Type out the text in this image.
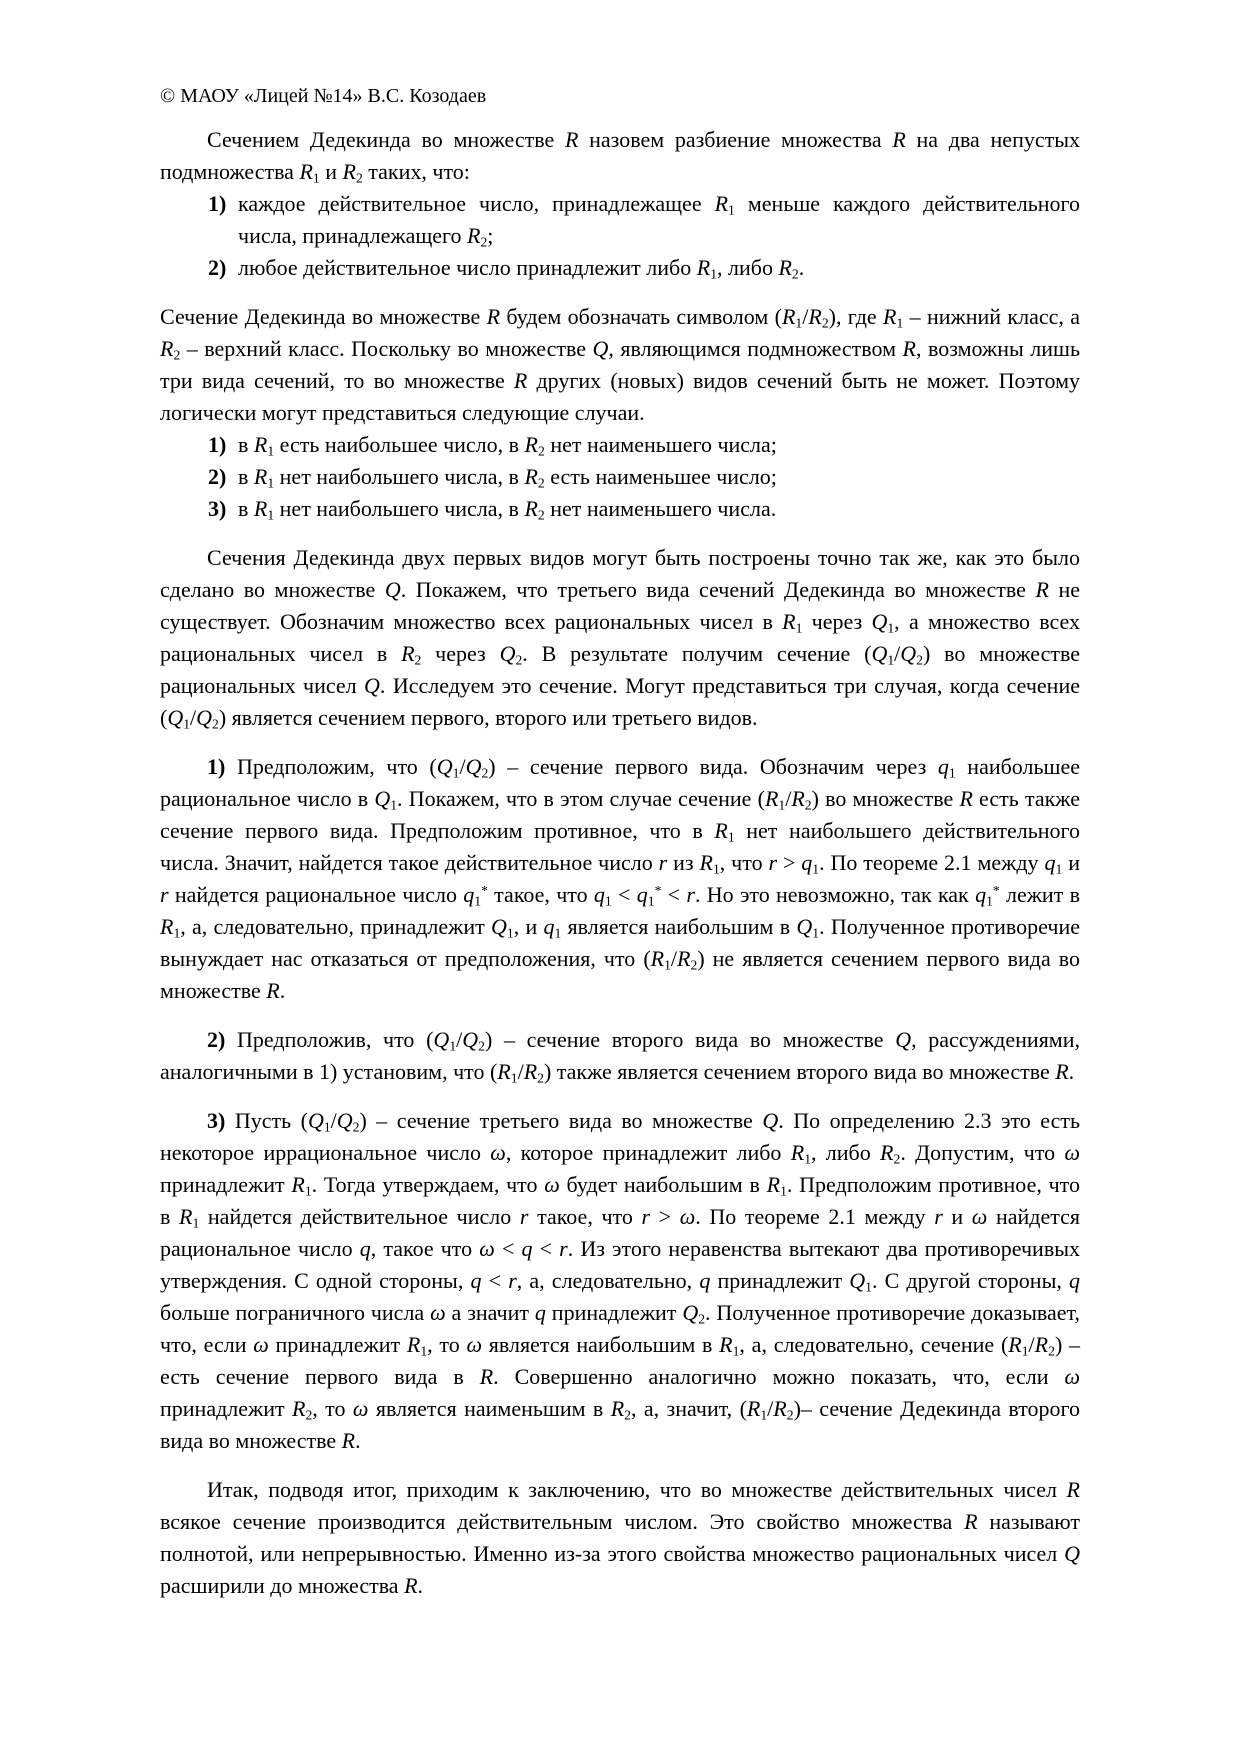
© МАОУ «Лицей №14» В.С. Козодаев

Сечением Дедекинда во множестве R назовем разбиение множества R на два непустых подмножества $R_1$ и $R_2$ таких, что:

1) каждое действительное число, принадлежащее $R_1$ меньше каждого действительного числа, принадлежащего $R_2$;
2) любое действительное число принадлежит либо $R_1$, либо $R_2$.

Сечение Дедекинда во множестве R будем обозначать символом $(R_1/R_2)$, где $R_1$ – нижний класс, а $R_2$ – верхний класс. Поскольку во множестве Q, являющимся подмножеством R, возможны лишь три вида сечений, то во множестве R других (новых) видов сечений быть не может. Поэтому логически могут представиться следующие случаи.

1) в $R_1$ есть наибольшее число, в $R_2$ нет наименьшего числа;
2) в $R_1$ нет наибольшего числа, в $R_2$ есть наименьшее число;
3) в $R_1$ нет наибольшего числа, в $R_2$ нет наименьшего числа.

Сечения Дедекинда двух первых видов могут быть построены точно так же, как это было сделано во множестве Q. Покажем, что третьего вида сечений Дедекинда во множестве R не существует. Обозначим множество всех рациональных чисел в $R_1$ через $Q_1$, а множество всех рациональных чисел в $R_2$ через $Q_2$. В результате получим сечение $(Q_1/Q_2)$ во множестве рациональных чисел Q. Исследуем это сечение. Могут представиться три случая, когда сечение $(Q_1/Q_2)$ является сечением первого, второго или третьего видов.

1) Предположим, что $(Q_1/Q_2)$ – сечение первого вида. Обозначим через $q_1$ наибольшее рациональное число в $Q_1$. Покажем, что в этом случае сечение $(R_1/R_2)$ во множестве R есть также сечение первого вида. Предположим противное, что в $R_1$ нет наибольшего действительного числа. Значит, найдется такое действительное число r из $R_1$, что $r > q_1$. По теореме 2.1 между $q_1$ и r найдется рациональное число $q_1^*$ такое, что $q_1 < q_1^* < r$. Но это невозможно, так как $q_1^*$ лежит в $R_1$, а, следовательно, принадлежит $Q_1$, и $q_1$ является наибольшим в $Q_1$. Полученное противоречие вынуждает нас отказаться от предположения, что $(R_1/R_2)$ не является сечением первого вида во множестве R.

2) Предположив, что $(Q_1/Q_2)$ – сечение второго вида во множестве Q, рассуждениями, аналогичными в 1) установим, что $(R_1/R_2)$ также является сечением второго вида во множестве R.

3) Пусть $(Q_1/Q_2)$ – сечение третьего вида во множестве Q. По определению 2.3 это есть некоторое иррациональное число ω, которое принадлежит либо $R_1$, либо $R_2$. Допустим, что ω принадлежит $R_1$. Тогда утверждаем, что ω будет наибольшим в $R_1$. Предположим противное, что в $R_1$ найдется действительное число r такое, что r > ω. По теореме 2.1 между r и ω найдется рациональное число q, такое что ω < q < r. Из этого неравенства вытекают два противоречивых утверждения. С одной стороны, q < r, а, следовательно, q принадлежит $Q_1$. С другой стороны, q больше пограничного числа ω а значит q принадлежит $Q_2$. Полученное противоречие доказывает, что, если ω принадлежит $R_1$, то ω является наибольшим в $R_1$, а, следовательно, сечение $(R_1/R_2)$ – есть сечение первого вида в R. Совершенно аналогично можно показать, что, если ω принадлежит $R_2$, то ω является наименьшим в $R_2$, а, значит, $(R_1/R_2)-$ сечение Дедекинда второго вида во множестве R.

Итак, подводя итог, приходим к заключению, что во множестве действительных чисел R всякое сечение производится действительным числом. Это свойство множества R называют полнотой, или непрерывностью. Именно из-за этого свойства множество рациональных чисел Q расширили до множества R.
